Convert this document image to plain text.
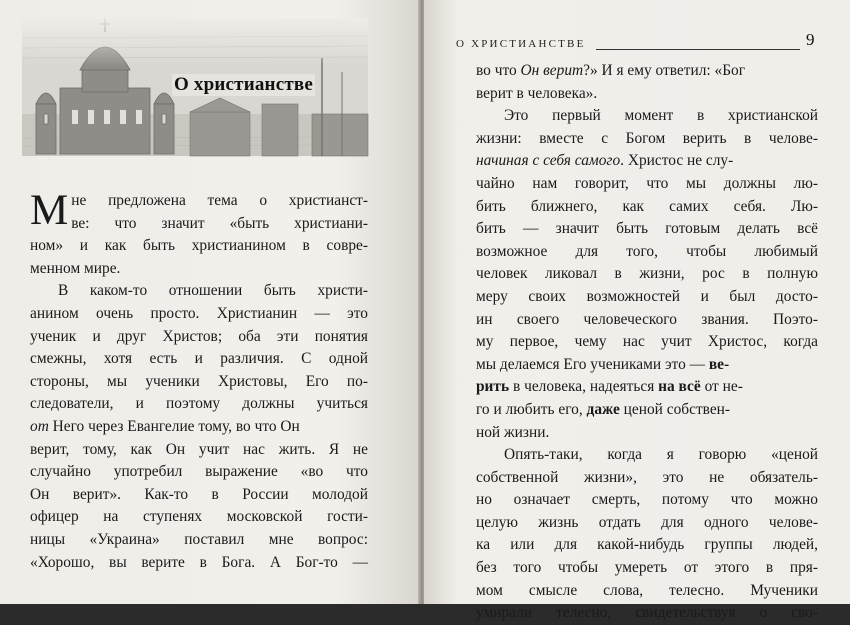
О христианстве
М не предложена тема о христианст-
ве: что значит «быть христиани-
ном» и как быть христианином в совре-
менном мире.
В каком-то отношении быть христи-
анином очень просто. Христианин — это
ученик и друг Христов; оба эти понятия
смежны, хотя есть и различия. С одной
стороны, мы ученики Христовы, Его по-
следователи, и поэтому должны учиться
от Него через Евангелие тому, во что Он
верит, тому, как Он учит нас жить. Я не
случайно употребил выражение «во что
Он верит». Как-то в России молодой
офицер на ступенях московской гости-
ницы «Украина» поставил мне вопрос:
«Хорошо, вы верите в Бога. А Бог-то —
О ХРИСТИАНСТВЕ	9
во что Он верит?» И я ему ответил: «Бог
верит в человека».
Это первый момент в христианской
жизни: вместе с Богом верить в челове-
начиная с себя самого. Христос не слу-
чайно нам говорит, что мы должны лю-
бить ближнего, как самих себя. Лю-
бить — значит быть готовым делать всё
возможное для того, чтобы любимый
человек ликовал в жизни, рос в полную
меру своих возможностей и был досто-
ин своего человеческого звания. Поэто-
му первое, чему нас учит Христос, когда
мы делаемся Его учениками это — ве-
рить в человека, надеяться на всё от не-
го и любить его, даже ценой собствен-
ной жизни.
Опять-таки, когда я говорю «ценой
собственной жизни», это не обязатель-
но означает смерть, потому что можно
целую жизнь отдать для одного челове-
ка или для какой-нибудь группы людей,
без того чтобы умереть от этого в пря-
мом смысле слова, телесно. Мученики
умирали телесно, свидетельствуя о сво-
